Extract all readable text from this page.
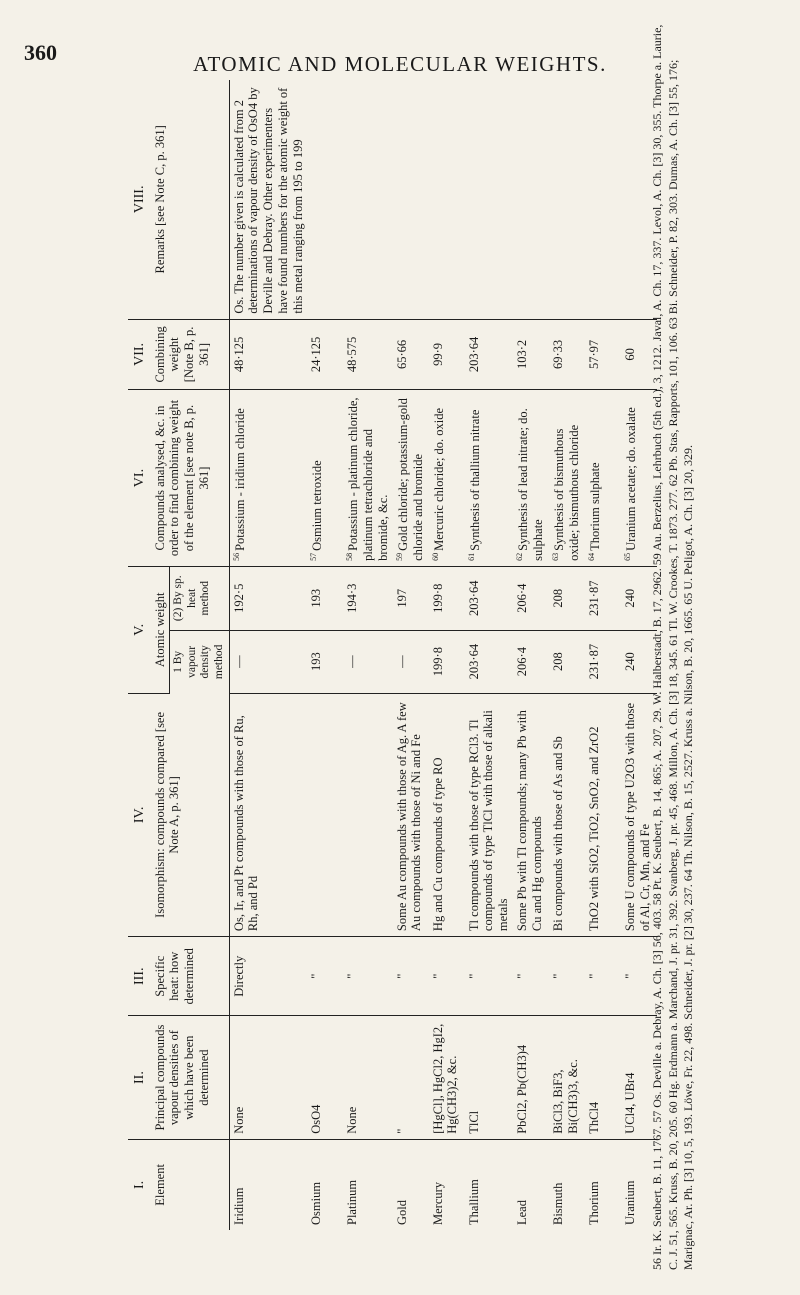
360	ATOMIC AND MOLECULAR WEIGHTS.
I.	II.	III.	IV.	V.		VI.	VII.	VIII.
Element	Principal compounds vapour densities of which have been determined	Specific heat: how determined	Isomorphism: compounds compared [see Note A, p. 361]	Atomic weight		Compounds analysed, &c. in order to find combining weight of the element [see note B, p. 361]	Combining weight [Note B, p. 361]	Remarks [see Note C, p. 361]
				1 By vapour density method	(2) By sp. heat method			
Iridium	None	Directly	Os, Ir, and Pt compounds with those of Ru, Rh, and Pd	—	192·5	$^{56}$Potassium - iridium chloride	48·125	Os. The number given is calculated from 2 determinations of vapour density of OsO4 by Deville and Debray. Other experimenters have found numbers for the atomic weight of this metal ranging from 195 to 199
Osmium	OsO4	"		193	193	$^{57}$Osmium tetroxide	24·125	
Platinum	None	"		—	194·3	$^{58}$Potassium - platinum chloride, platinum tetrachloride and bromide, &c.	48·575	
Gold	"	"	Some Au compounds with those of Ag. A few Au compounds with those of Ni and Fe	—	197	$^{59}$Gold chloride; potassium-gold chloride and bromide	65·66	
Mercury	[HgCl], HgCl2, HgI2, Hg(CH3)2, &c.	"	Hg and Cu compounds of type RO	199·8	199·8	$^{60}$Mercuric chloride; do. oxide	99·9	
Thallium	TlCl	"	Tl compounds with those of type RCl3. Tl compounds of type TlCl with those of alkali metals	203·64	203·64	$^{61}$Synthesis of thallium nitrate	203·64	
Lead	PbCl2, Pb(CH3)4	"	Some Pb with Tl compounds; many Pb with Cu and Hg compounds	206·4	206·4	$^{62}$Synthesis of lead nitrate; do. sulphate	103·2	
Bismuth	BiCl3, BiF3, Bi(CH3)3, &c.	"	Bi compounds with those of As and Sb	208	208	$^{63}$Synthesis of bismuthous oxide; bismuthous chloride	69·33	
Thorium	ThCl4	"	ThO2 with SiO2, TiO2, SnO2, and ZrO2	231·87	231·87	$^{64}$Thorium sulphate	57·97	
Uranium	UCl4, UBr4	"	Some U compounds of type U2O3 with those of Al, Cr, Mn, and Fe	240	240	$^{65}$Uranium acetate; do. oxalate	60	
56 Ir. K. Seubert, B. 11, 1767. 57 Os. Deville a. Debray, A. Ch. [3] 56, 403. 58 Pt. K. Seubert, B. 14, 865; A. 207, 29. W. Halberstadt, B. 17, 2962. 59 Au. Berzelius, Lehrbuch (5th ed.), 3, 1212. Javal, A. Ch. 17, 337. Levol, A. Ch. [3] 30, 355. Thorpe a. Laurie, C. J. 51, 565. Kruss, B. 20, 205. 60 Hg. Erdmann a. Marchand, J. pr. 31, 392. Svanberg, J. pr. 45, 468. Millon, A. Ch. [3] 18, 345. 61 Tl. W. Crookes, T. 1873. 277. 62 Pb. Stas, Rapports, 101, 106. 63 Bi. Schneider, P. 82, 303. Dumas, A. Ch. [3] 55, 176; Marignac, Ar. Ph. [3] 10, 5, 193. Löwe, Fr. 22, 498. Schneider, J. pr. [2] 30, 237. 64 Th. Nilson, B. 15, 2527. Kruss a. Nilson, B. 20, 1665. 65 U. Peligot, A. Ch. [3] 20, 329.
